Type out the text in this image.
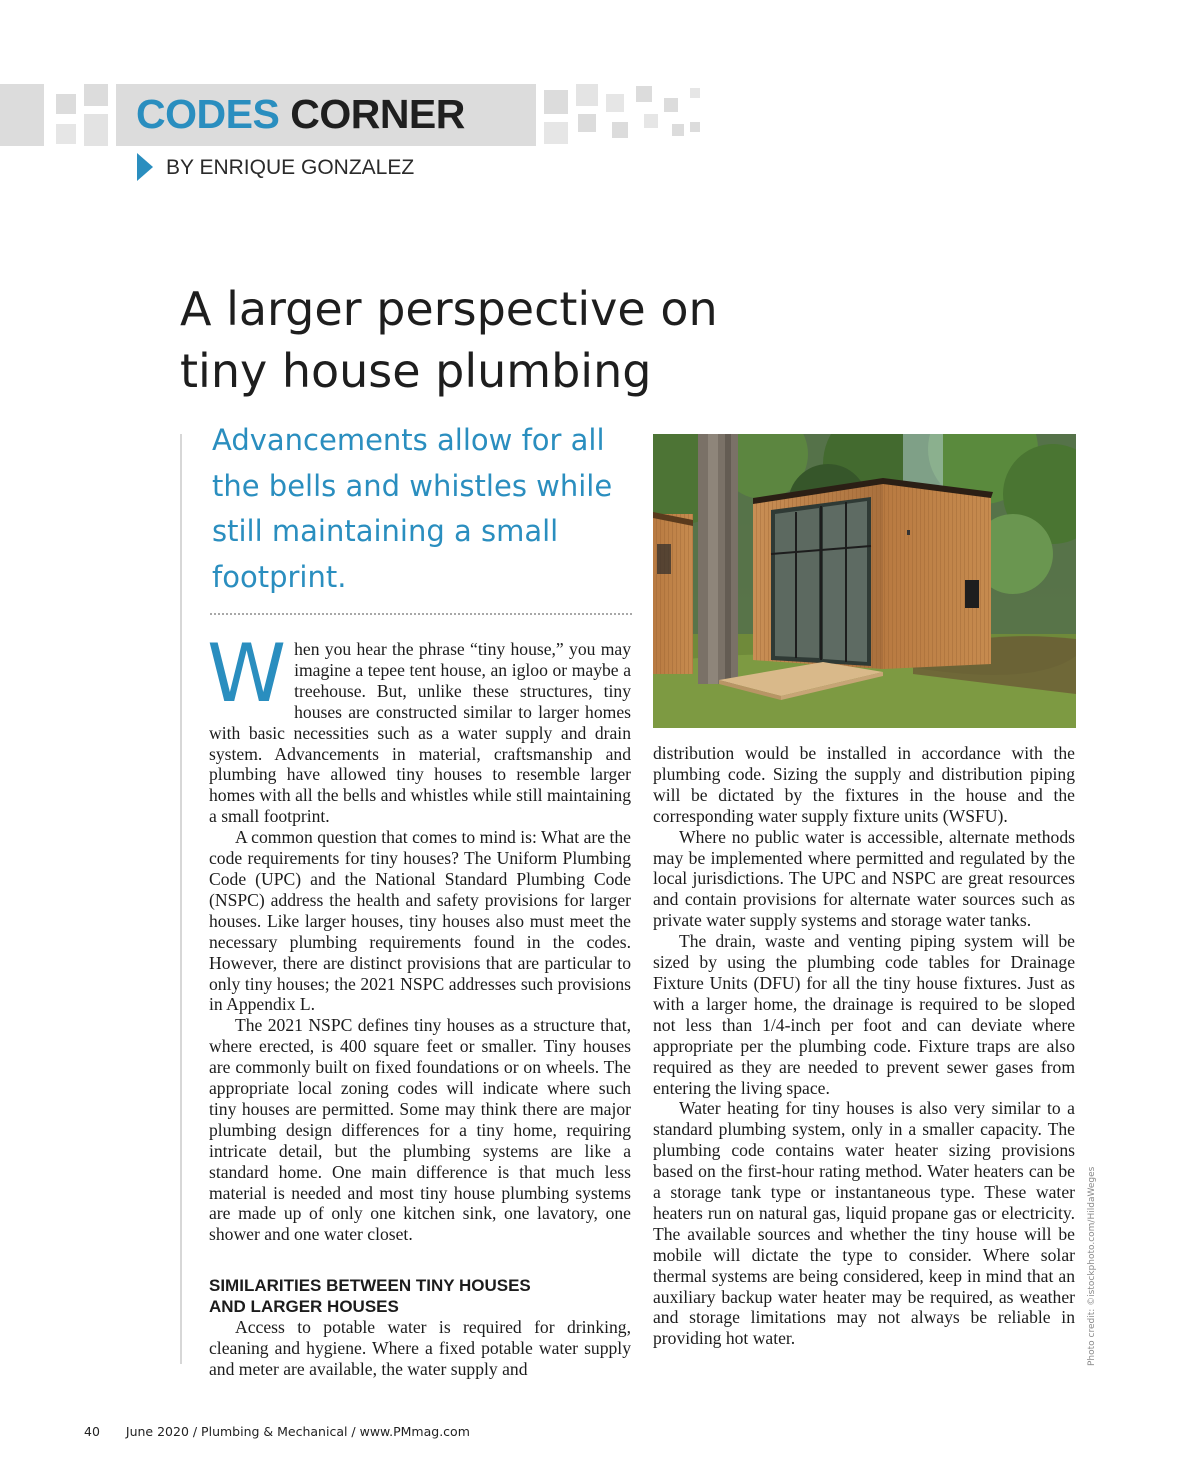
CODES CORNER
BY ENRIQUE GONZALEZ
A larger perspective on
tiny house plumbing

Advancements allow for all the bells and whistles while still maintaining a small footprint.

When you hear the phrase “tiny house,” you may imagine a tepee tent house, an igloo or maybe a treehouse. But, unlike these structures, tiny houses are constructed similar to larger homes with basic necessities such as a water supply and drain system. Advancements in material, craftsmanship and plumbing have allowed tiny houses to resemble larger homes with all the bells and whistles while still maintaining a small footprint.

A common question that comes to mind is: What are the code requirements for tiny houses? The Uniform Plumbing Code (UPC) and the National Standard Plumbing Code (NSPC) address the health and safety provisions for larger houses. Like larger houses, tiny houses also must meet the necessary plumbing requirements found in the codes. However, there are distinct provisions that are particular to only tiny houses; the 2021 NSPC addresses such provisions in Appendix L.

The 2021 NSPC defines tiny houses as a structure that, where erected, is 400 square feet or smaller. Tiny houses are commonly built on fixed foundations or on wheels. The appropriate local zoning codes will indicate where such tiny houses are permitted. Some may think there are major plumbing design differences for a tiny home, requiring intricate detail, but the plumbing systems are like a standard home. One main difference is that much less material is needed and most tiny house plumbing systems are made up of only one kitchen sink, one lavatory, one shower and one water closet.

SIMILARITIES BETWEEN TINY HOUSES
AND LARGER HOUSES

Access to potable water is required for drinking, cleaning and hygiene. Where a fixed potable water supply and meter are available, the water supply and

distribution would be installed in accordance with the plumbing code. Sizing the supply and distribution piping will be dictated by the fixtures in the house and the corresponding water supply fixture units (WSFU).

Where no public water is accessible, alternate methods may be implemented where permitted and regulated by the local jurisdictions. The UPC and NSPC are great resources and contain provisions for alternate water sources such as private water supply systems and storage water tanks.

The drain, waste and venting piping system will be sized by using the plumbing code tables for Drainage Fixture Units (DFU) for all the tiny house fixtures. Just as with a larger home, the drainage is required to be sloped not less than 1/4-inch per foot and can deviate where appropriate per the plumbing code. Fixture traps are also required as they are needed to prevent sewer gases from entering the living space.

Water heating for tiny houses is also very similar to a standard plumbing system, only in a smaller capacity. The plumbing code contains water heater sizing provisions based on the first-hour rating method. Water heaters can be a storage tank type or instantaneous type. These water heaters run on natural gas, liquid propane gas or electricity. The available sources and whether the tiny house will be mobile will dictate the type to consider. Where solar thermal systems are being considered, keep in mind that an auxiliary backup water heater may be required, as weather and storage limitations may not always be reliable in providing hot water.	Photo credit: ©istockphoto.com/HildaWeges
40 June 2020 / Plumbing & Mechanical / www.PMmag.com
